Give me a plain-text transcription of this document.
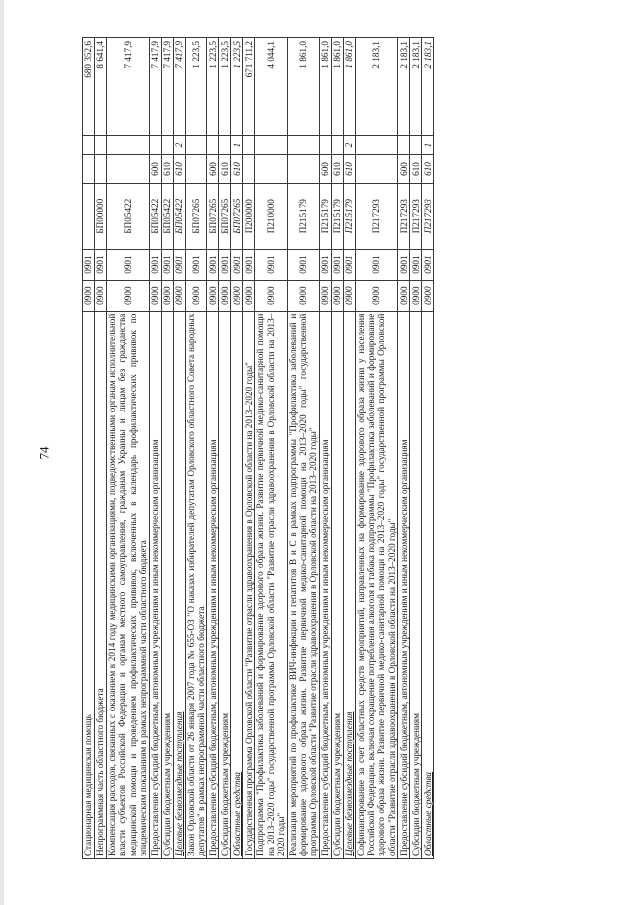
74
Стационарная медицинская помощь	0900	0901				680 352,6
Непрограммная часть областного бюджета	0900	0901	БП00000			8 641,4
Компенсация расходов, связанных с оказанием в 2014 году медицинскими организациями, подведомственными органам исполнительной власти субъектов Российской Федерации и органам местного самоуправления, гражданам Украины и лицам без гражданства медицинской помощи и проведением профилактических прививок, включенных в календарь профилактических прививок по эпидемическим показаниям в рамках непрограммной части областного бюджета	0900	0901	БП05422			7 417,9
Предоставление субсидий бюджетным, автономным учреждениям и иным некоммерческим организациям	0900	0901	БП05422	600		7 417,9
Субсидии бюджетным учреждениям	0900	0901	БП05422	610		7 417,9
Целевые безвозмездные поступления	0900	0901	БП05422	610	2	7 417,9
Закон Орловской области от 26 января 2007 года № 655-ОЗ "О наказах избирателей депутатам Орловского областного Совета народных депутатов" в рамках непрограммной части областного бюджета	0900	0901	БП07265			1 223,5
Предоставление субсидий бюджетным, автономным учреждениям и иным некоммерческим организациям	0900	0901	БП07265	600		1 223,5
Субсидии бюджетным учреждениям	0900	0901	БП07265	610		1 223,5
Областные средства	0900	0901	БП07265	610	1	1 223,5
Государственная программа Орловской области "Развитие отрасли здравоохранения в Орловской области на 2013–2020 годы"	0900	0901	П200000			671 711,2
Подпрограмма "Профилактика заболеваний и формирование здорового образа жизни. Развитие первичной медико-санитарной помощи на 2013–2020 годы" государственной программы Орловской области "Развитие отрасли здравоохранения в Орловской области на 2013–2020 годы"	0900	0901	П210000			4 044,1
Реализация мероприятий по профилактике ВИЧ-инфекции и гепатитов В и С в рамках подпрограммы "Профилактика заболеваний и формирование здорового образа жизни. Развитие первичной медико-санитарной помощи на 2013–2020 годы" государственной программы Орловской области "Развитие отрасли здравоохранения в Орловской области на 2013–2020 годы"	0900	0901	П215179			1 861,0
Предоставление субсидий бюджетным, автономным учреждениям и иным некоммерческим организациям	0900	0901	П215179	600		1 861,0
Субсидии бюджетным учреждениям	0900	0901	П215179	610		1 861,0
Целевые безвозмездные поступления	0900	0901	П215179	610	2	1 861,0
Софинансирование за счет областных средств мероприятий, направленных на формирование здорового образа жизни у населения Российской Федерации, включая сокращение потребления алкоголя и табака подпрограммы "Профилактика заболеваний и формирование здорового образа жизни. Развитие первичной медико-санитарной помощи на 2013–2020 годы" государственной программы Орловской области "Развитие отрасли здравоохранения в Орловской области на 2013–2020 годы"	0900	0901	П217293			2 183,1
Предоставление субсидий бюджетным, автономным учреждениям и иным некоммерческим организациям	0900	0901	П217293	600		2 183,1
Субсидии бюджетным учреждениям	0900	0901	П217293	610		2 183,1
Областные средства	0900	0901	П217293	610	1	2 183,1
